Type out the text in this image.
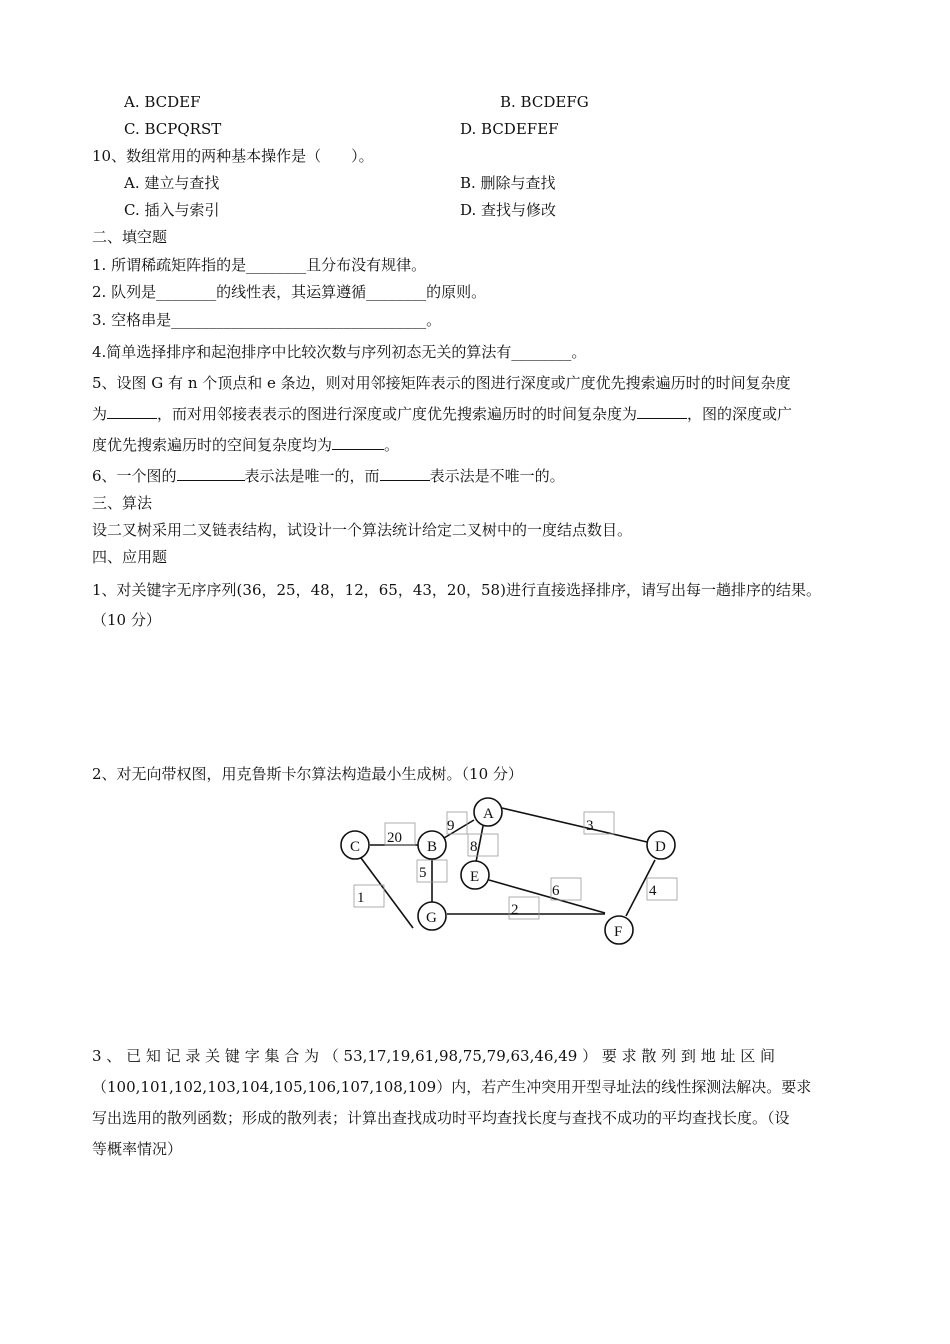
A. BCDEF	B. BCDEFG
C. BCPQRST	D. BCDEFEF
10、数组常用的两种基本操作是（　　）。
A. 建立与查找	B. 删除与查找
C. 插入与索引	D. 查找与修改
二、填空题
1. 所谓稀疏矩阵指的是________且分布没有规律。
2. 队列是________的线性表，其运算遵循________的原则。
3. 空格串是__________________________________。
4.简单选择排序和起泡排序中比较次数与序列初态无关的算法有________。
5、设图 G 有 n 个顶点和 e 条边，则对用邻接矩阵表示的图进行深度或广度优先搜索遍历时的时间复杂度
为	，而对用邻接表表示的图进行深度或广度优先搜索遍历时的时间复杂度为	，图的深度或广
度优先搜索遍历时的空间复杂度均为	。
6、一个图的	表示法是唯一的，而	表示法是不唯一的。
三、算法
设二叉树采用二叉链表结构，试设计一个算法统计给定二叉树中的一度结点数目。
四、应用题
1、对关键字无序序列(36，25，48，12，65，43，20，58)进行直接选择排序，请写出每一趟排序的结果。
（10 分）
2、对无向带权图，用克鲁斯卡尔算法构造最小生成树。（10 分）
20
9
8
3
5
1	6	4
2
A
B
C	D
E
F
G
3 、 已 知 记 录 关 键 字 集 合 为 （ 53,17,19,61,98,75,79,63,46,49 ） 要 求 散 列 到 地 址 区 间
（100,101,102,103,104,105,106,107,108,109）内，若产生冲突用开型寻址法的线性探测法解决。要求
写出选用的散列函数；形成的散列表；计算出查找成功时平均查找长度与查找不成功的平均查找长度。（设
等概率情况）
